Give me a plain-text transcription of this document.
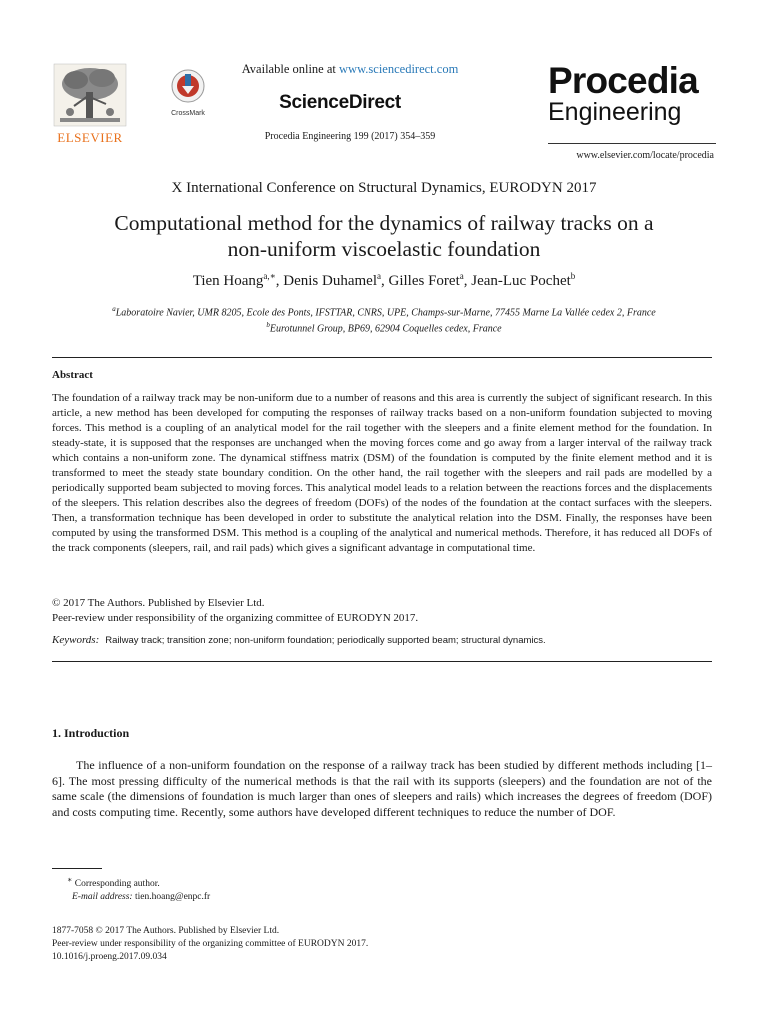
ELSEVIER
CrossMark
Available online at www.sciencedirect.com
ScienceDirect
Procedia Engineering 199 (2017) 354–359
Procedia
Engineering
www.elsevier.com/locate/procedia
X International Conference on Structural Dynamics, EURODYN 2017
Computational method for the dynamics of railway tracks on a
non-uniform viscoelastic foundation
Tien Hoang$^{a,∗}$, Denis Duhamel$^a$, Gilles Foret$^a$, Jean-Luc Pochet$^b$
$^a$Laboratoire Navier, UMR 8205, Ecole des Ponts, IFSTTAR, CNRS, UPE, Champs-sur-Marne, 77455 Marne La Vallée cedex 2, France
$^b$Eurotunnel Group, BP69, 62904 Coquelles cedex, France
Abstract
The foundation of a railway track may be non-uniform due to a number of reasons and this area is currently the subject of significant research. In this article, a new method has been developed for computing the responses of railway tracks based on a non-uniform foundation subjected to moving forces. This method is a coupling of an analytical model for the rail together with the sleepers and a finite element method for the foundation. In steady-state, it is supposed that the responses are unchanged when the moving forces come and go away from a larger interval of the railway track which contains a non-uniform zone. The dynamical stiffness matrix (DSM) of the foundation is computed by the finite element method and it is transformed to meet the steady state boundary condition. On the other hand, the rail together with the sleepers and rail pads are modelled by a periodically supported beam subjected to moving forces. This analytical model leads to a relation between the reactions forces and the displacements of the sleepers. This relation describes also the degrees of freedom (DOFs) of the nodes of the foundation at the contact surfaces with the sleepers. Then, a transformation technique has been developed in order to substitute the analytical relation into the DSM. Finally, the responses have been computed by using the transformed DSM. This method is a coupling of the analytical and numerical methods. Therefore, it has reduced all DOFs of the track components (sleepers, rail, and rail pads) which gives a significant advantage in computational time.
© 2017 The Authors. Published by Elsevier Ltd.
Peer-review under responsibility of the organizing committee of EURODYN 2017.
Keywords: Railway track; transition zone; non-uniform foundation; periodically supported beam; structural dynamics.
1. Introduction
The influence of a non-uniform foundation on the response of a railway track has been studied by different methods including [1–6]. The most pressing difficulty of the numerical methods is that the rail with its supports (sleepers) and the foundation are not of the same scale (the dimensions of foundation is much larger than ones of sleepers and rails) which increases the degrees of freedom (DOF) and costs computing time. Recently, some authors have developed different techniques to reduce the number of DOF.
∗ Corresponding author.
E-mail address: tien.hoang@enpc.fr
1877-7058 © 2017 The Authors. Published by Elsevier Ltd.
Peer-review under responsibility of the organizing committee of EURODYN 2017.
10.1016/j.proeng.2017.09.034
